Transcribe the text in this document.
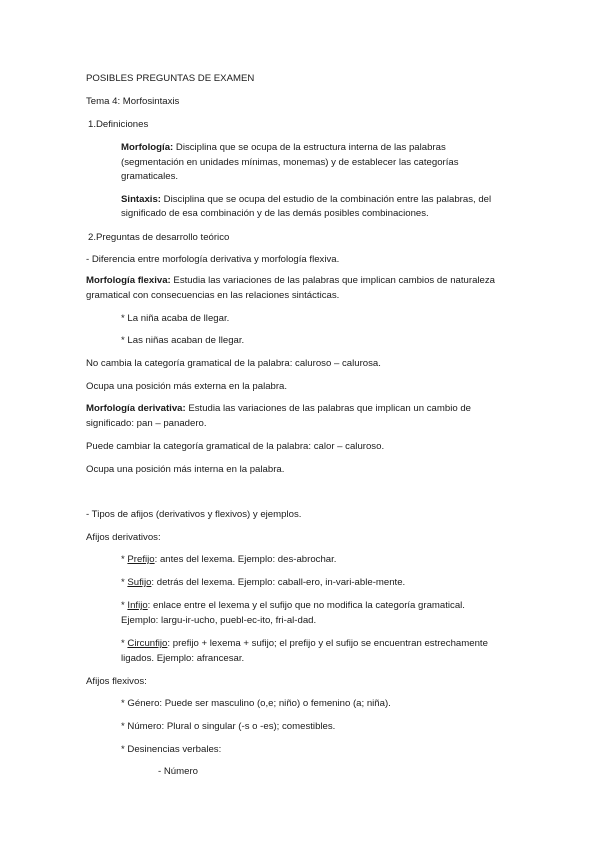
POSIBLES PREGUNTAS DE EXAMEN
Tema 4: Morfosintaxis
1.Definiciones
Morfología: Disciplina que se ocupa de la estructura interna de las palabras
(segmentación en unidades mínimas, monemas) y de establecer las categorías
gramaticales.
Sintaxis: Disciplina que se ocupa del estudio de la combinación entre las palabras, del
significado de esa combinación y de las demás posibles combinaciones.
2.Preguntas de desarrollo teórico
- Diferencia entre morfología derivativa y morfología flexiva.
Morfología flexiva: Estudia las variaciones de las palabras que implican cambios de naturaleza
gramatical con consecuencias en las relaciones sintácticas.
* La niña acaba de llegar.
* Las niñas acaban de llegar.
No cambia la categoría gramatical de la palabra: caluroso – calurosa.
Ocupa una posición más externa en la palabra.
Morfología derivativa: Estudia las variaciones de las palabras que implican un cambio de
significado: pan – panadero.
Puede cambiar la categoría gramatical de la palabra: calor – caluroso.
Ocupa una posición más interna en la palabra.
- Tipos de afijos (derivativos y flexivos) y ejemplos.
Afijos derivativos:
* Prefijo: antes del lexema. Ejemplo: des-abrochar.
* Sufijo: detrás del lexema. Ejemplo: caball-ero, in-vari-able-mente.
* Infijo: enlace entre el lexema y el sufijo que no modifica la categoría gramatical.
Ejemplo: largu-ir-ucho, puebl-ec-ito, fri-al-dad.
* Circunfijo: prefijo + lexema + sufijo; el prefijo y el sufijo se encuentran estrechamente
ligados. Ejemplo: afrancesar.
Afijos flexivos:
* Género: Puede ser masculino (o,e; niño) o femenino (a; niña).
* Número: Plural o singular (-s o -es); comestibles.
* Desinencias verbales:
- Número
